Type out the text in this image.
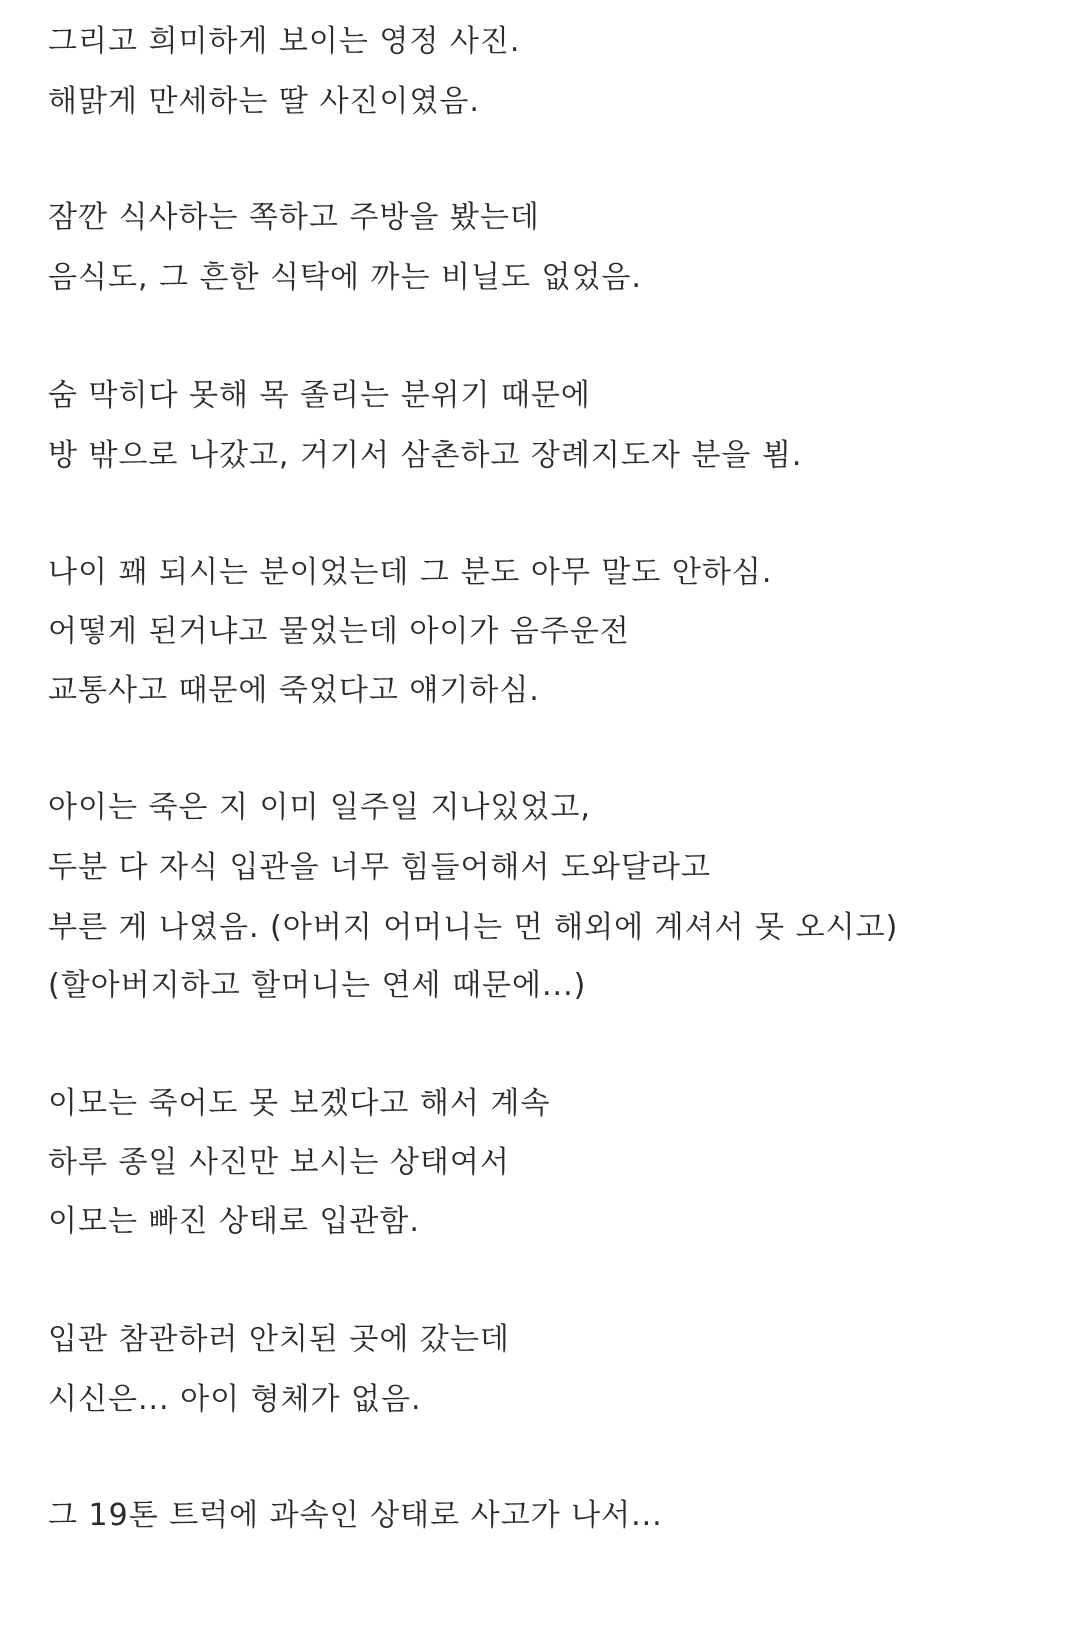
그리고 희미하게 보이는 영정 사진.
해맑게 만세하는 딸 사진이였음.
잠깐 식사하는 쪽하고 주방을 봤는데
음식도, 그 흔한 식탁에 까는 비닐도 없었음.
숨 막히다 못해 목 졸리는 분위기 때문에
방 밖으로 나갔고, 거기서 삼촌하고 장례지도자 분을 뵘.
나이 꽤 되시는 분이었는데 그 분도 아무 말도 안하심.
어떻게 된거냐고 물었는데 아이가 음주운전
교통사고 때문에 죽었다고 얘기하심.
아이는 죽은 지 이미 일주일 지나있었고,
두분 다 자식 입관을 너무 힘들어해서 도와달라고
부른 게 나였음. (아버지 어머니는 먼 해외에 계셔서 못 오시고)
(할아버지하고 할머니는 연세 때문에...)
이모는 죽어도 못 보겠다고 해서 계속
하루 종일 사진만 보시는 상태여서
이모는 빠진 상태로 입관함.
입관 참관하러 안치된 곳에 갔는데
시신은... 아이 형체가 없음.
그 19톤 트럭에 과속인 상태로 사고가 나서...
